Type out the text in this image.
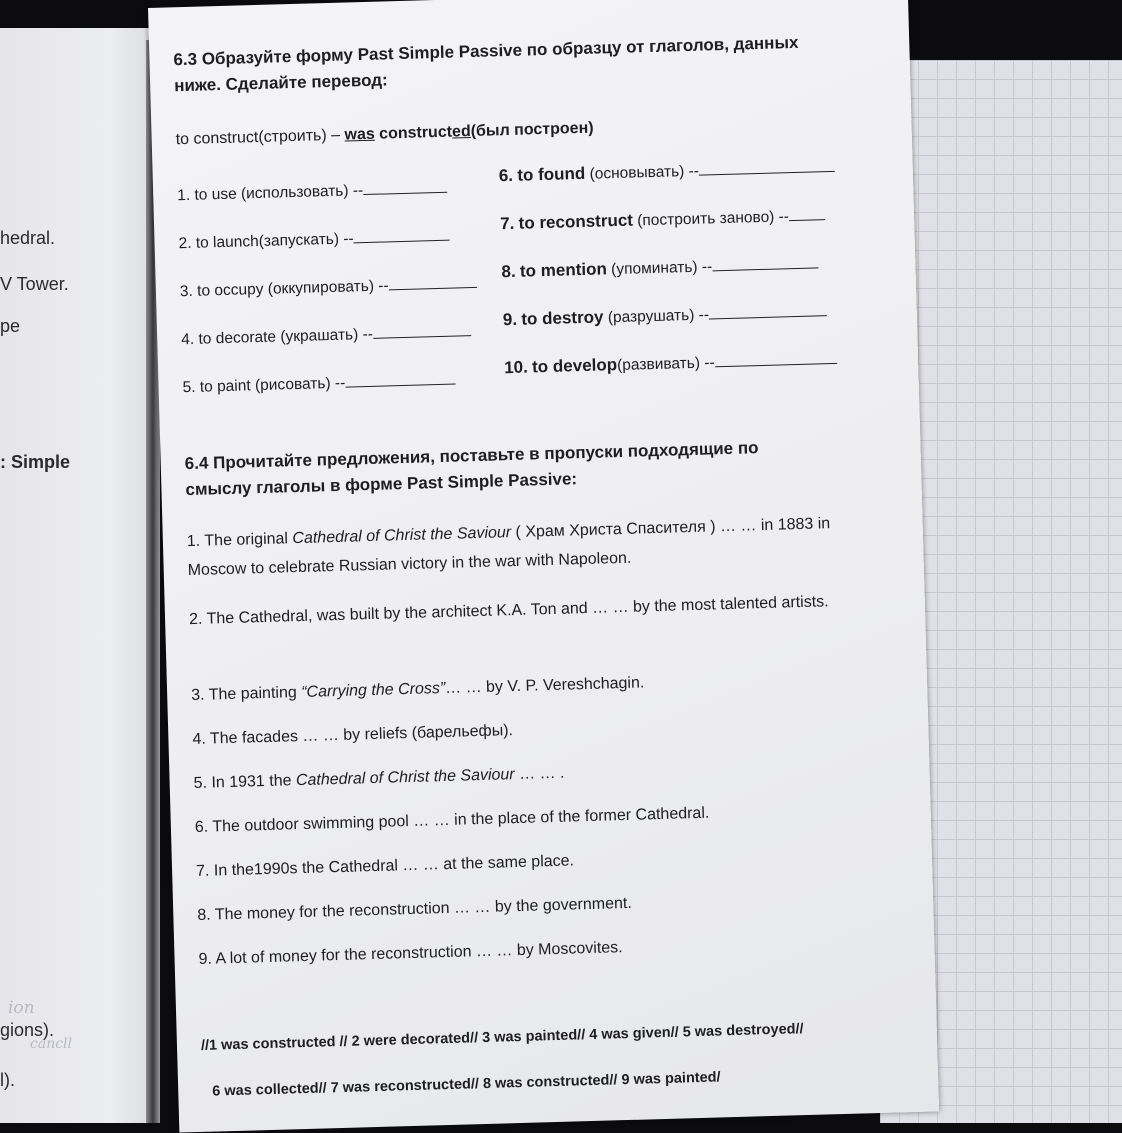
hedral.
V Tower.
pe
: Simple
ion
gions).
cancll
l).
6.3 Образуйте форму Past Simple Passive по образцу от глаголов, данных ниже. Сделайте перевод:
to construct(строить) – was constructed(был построен)
1. to use (использовать) --
2. to launch(запускать) --
3. to occupy (оккупировать) --
4. to decorate (украшать) --
5. to paint (рисовать) --
6. to found (основывать) --
7. to reconstruct (построить заново) --
8. to mention (упоминать) --
9. to destroy (разрушать) --
10. to develop(развивать) --
6.4 Прочитайте предложения, поставьте в пропуски подходящие по смыслу глаголы в форме Past Simple Passive:
1. The original Cathedral of Christ the Saviour ( Храм Христа Спасителя ) … … in 1883 in Moscow to celebrate Russian victory in the war with Napoleon.
2. The Cathedral, was built by the architect K.A. Ton and … … by the most talented artists.
3. The painting “Carrying the Cross”… … by V. P. Vereshchagin.
4. The facades … … by reliefs (барельефы).
5. In 1931 the Cathedral of Christ the Saviour … … .
6. The outdoor swimming pool … … in the place of the former Cathedral.
7. In the1990s the Cathedral … … at the same place.
8. The money for the reconstruction … … by the government.
9. A lot of money for the reconstruction … … by Moscovites.
//1 was constructed // 2 were decorated// 3 was painted// 4 was given// 5 was destroyed//
6 was collected// 7 was reconstructed// 8 was constructed// 9 was painted/
